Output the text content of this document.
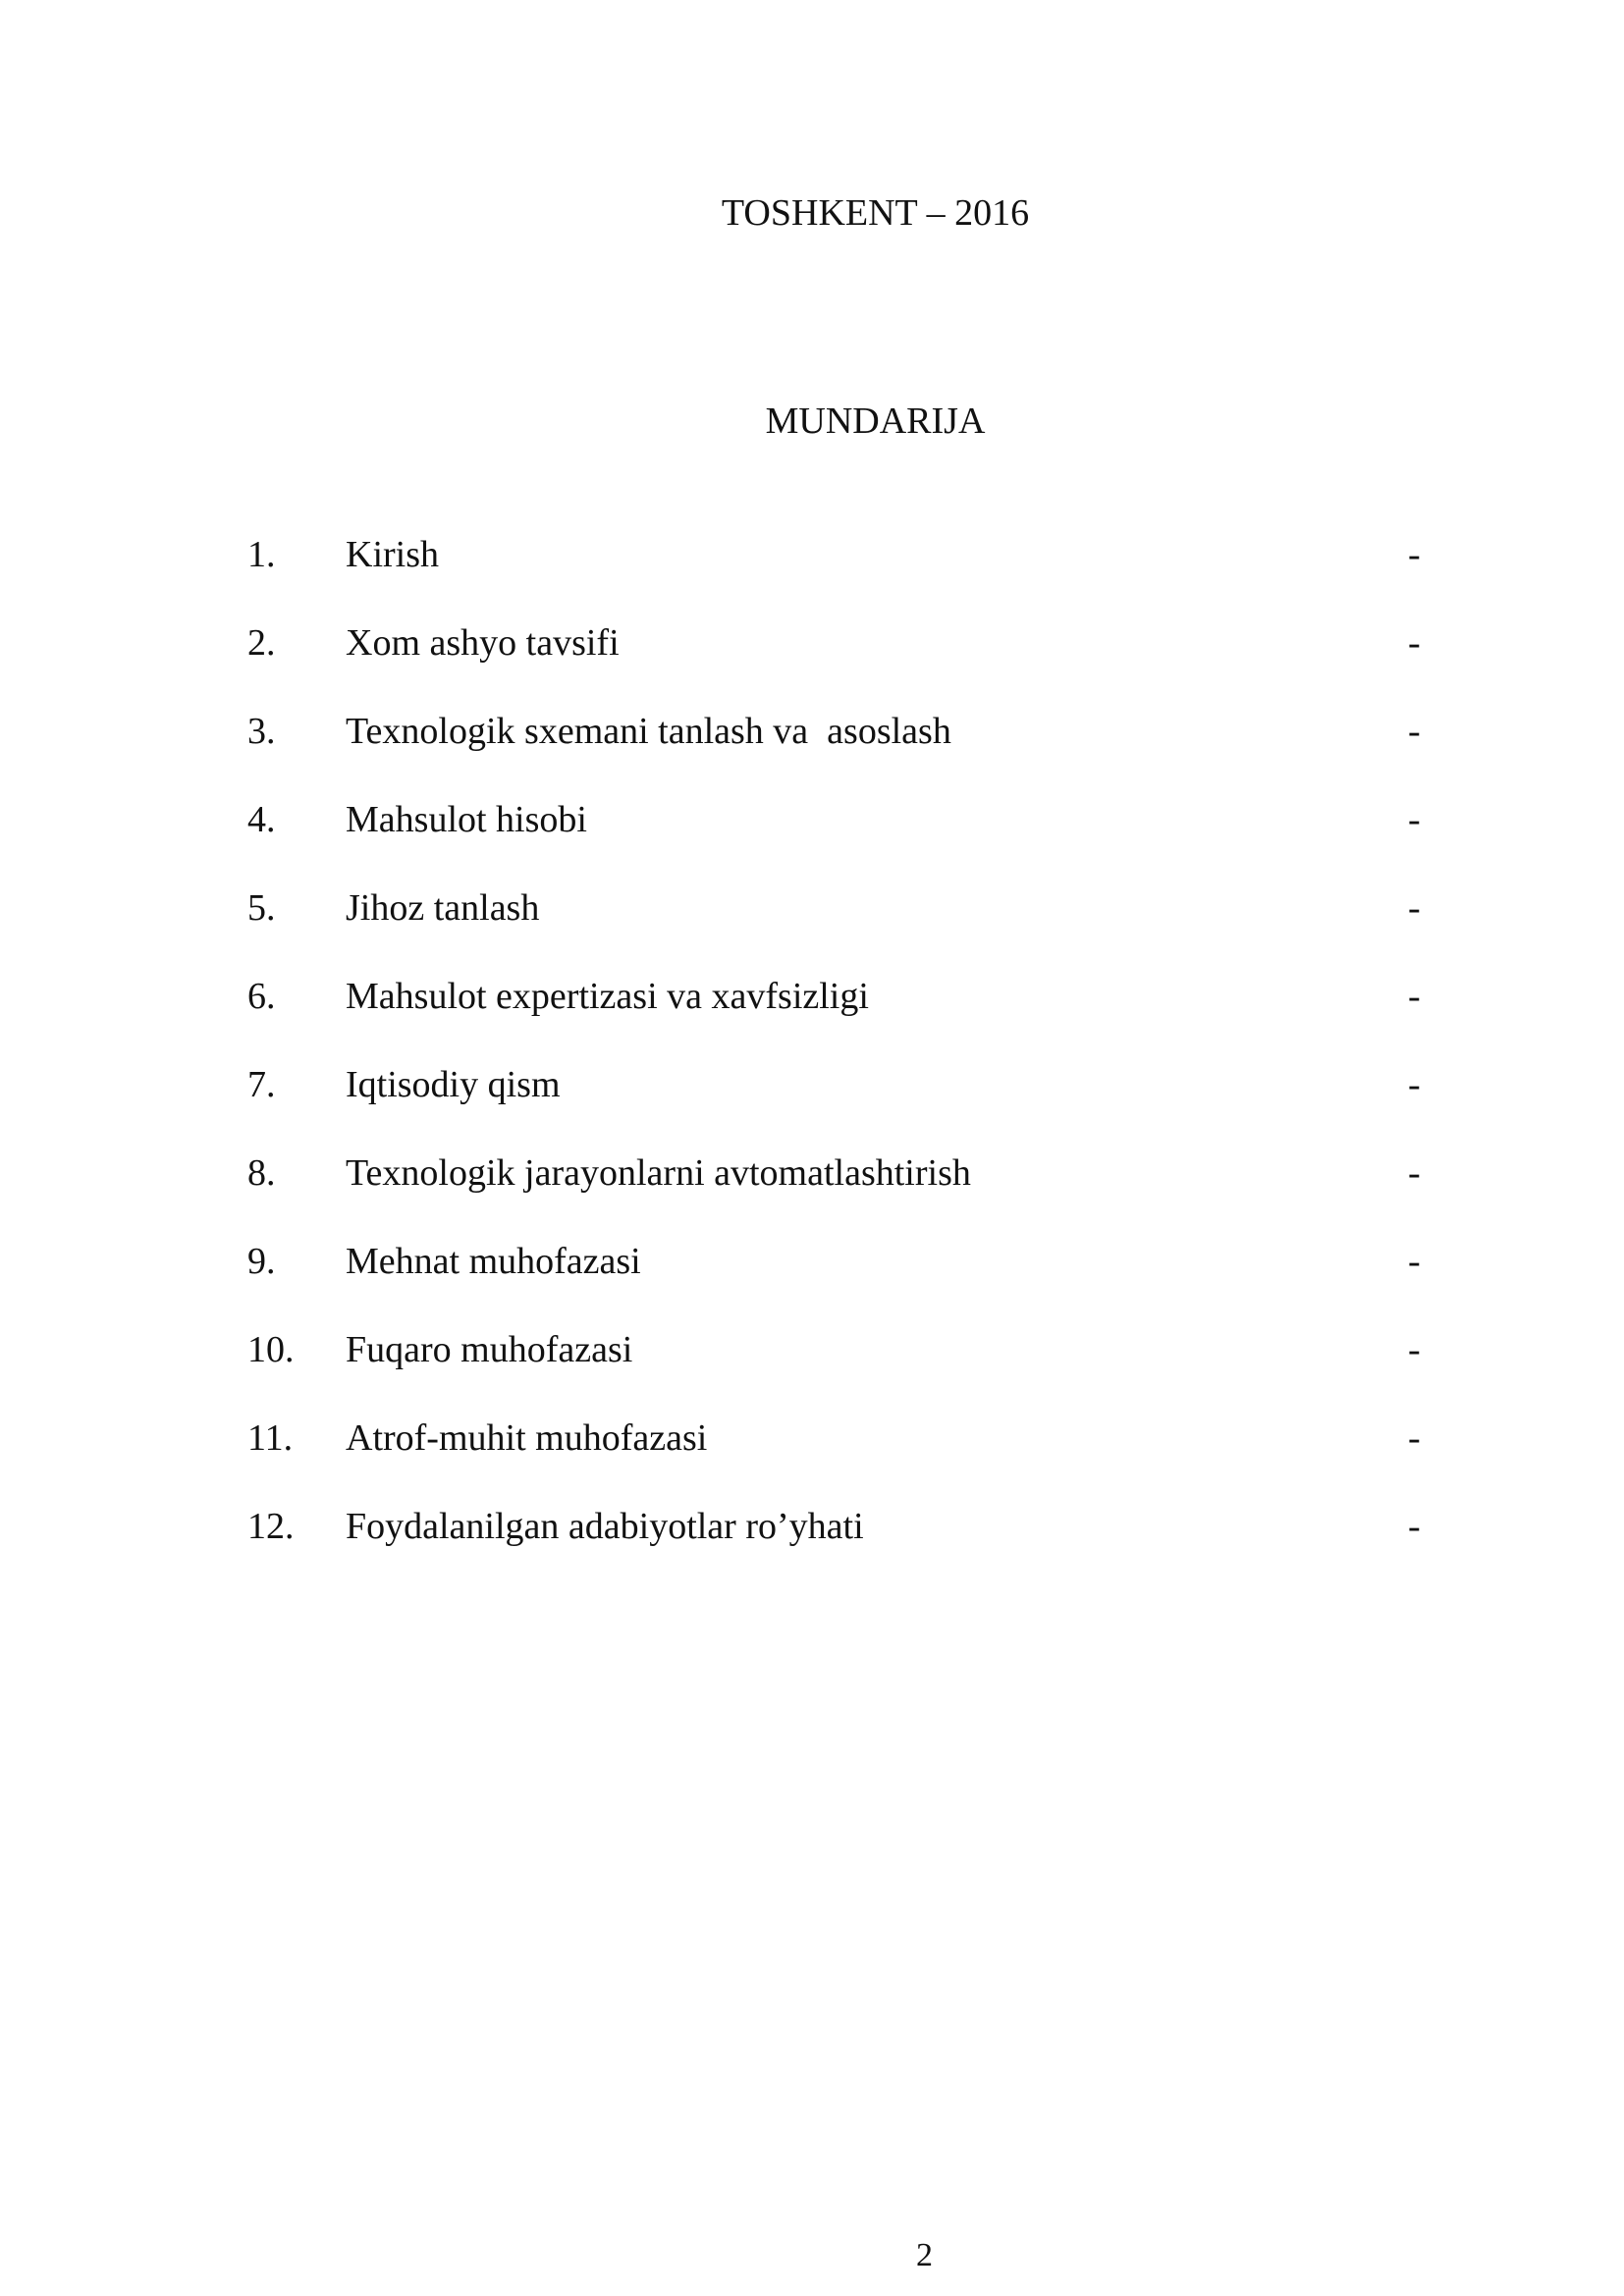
TOSHKENT – 2016
MUNDARIJA
1. Kirish	-
2. Xom ashyo tavsifi	-
3. Texnologik sxemani tanlash va  asoslash	-
4. Mahsulot hisobi	-
5. Jihoz tanlash	-
6. Mahsulot expertizasi va xavfsizligi	-
7. Iqtisodiy qism	-
8. Texnologik jarayonlarni avtomatlashtirish	-
9. Mehnat muhofazasi	-
10. Fuqaro muhofazasi	-
11. Atrof-muhit muhofazasi	-
12. Foydalanilgan adabiyotlar ro’yhati	-
2
